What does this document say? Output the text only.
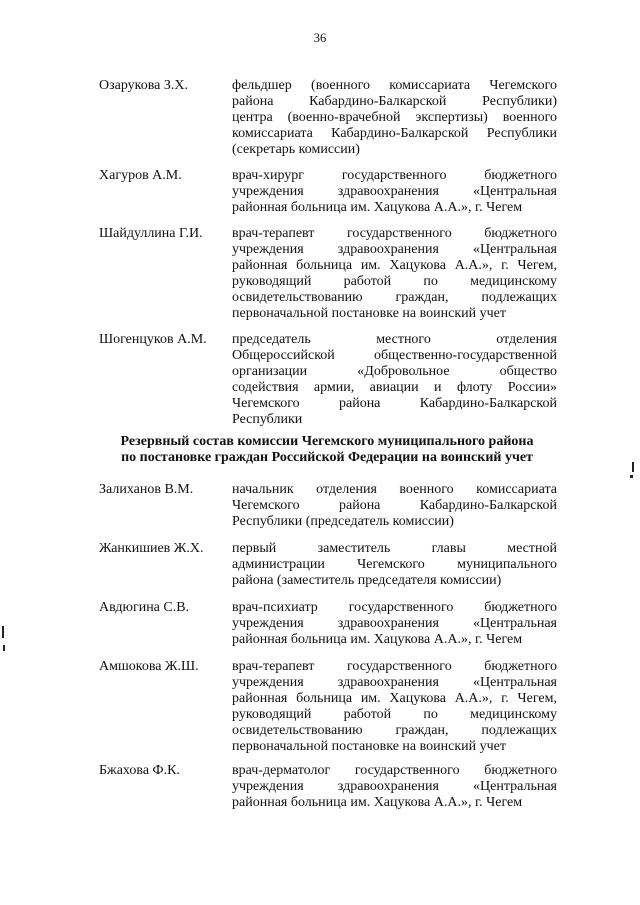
36
Озарукова З.Х.	фельдшер (военного комиссариата Чегемского
района Кабардино-Балкарской Республики)
центра (военно-врачебной экспертизы) военного
комиссариата Кабардино-Балкарской Республики
(секретарь комиссии)
Хагуров А.М.	врач-хирург государственного бюджетного
учреждения здравоохранения «Центральная
районная больница им. Хацукова А.А.», г. Чегем
Шайдуллина Г.И. врач-терапевт государственного бюджетного
учреждения здравоохранения «Центральная
районная больница им. Хацукова А.А.», г. Чегем,
руководящий работой по медицинскому
освидетельствованию граждан, подлежащих
первоначальной постановке на воинский учет
Шогенцуков А.М. председатель местного отделения
Общероссийской общественно-государственной
организации «Добровольное общество
содействия армии, авиации и флоту России»
Чегемского района Кабардино-Балкарской
Республики
Резервный состав комиссии Чегемского муниципального района
по постановке граждан Российской Федерации на воинский учет
Залиханов В.М.	начальник отделения военного комиссариата
Чегемского района Кабардино-Балкарской
Республики (председатель комиссии)
Жанкишиев Ж.Х. первый заместитель главы местной
администрации Чегемского муниципального
района (заместитель председателя комиссии)
Авдюгина С.В.	врач-психиатр государственного бюджетного
учреждения здравоохранения «Центральная
районная больница им. Хацукова А.А.», г. Чегем
Амшокова Ж.Ш. врач-терапевт государственного бюджетного
учреждения здравоохранения «Центральная
районная больница им. Хацукова А.А.», г. Чегем,
руководящий работой по медицинскому
освидетельствованию граждан, подлежащих
первоначальной постановке на воинский учет
Бжахова Ф.К.	врач-дерматолог государственного бюджетного
учреждения здравоохранения «Центральная
районная больница им. Хацукова А.А.», г. Чегем
